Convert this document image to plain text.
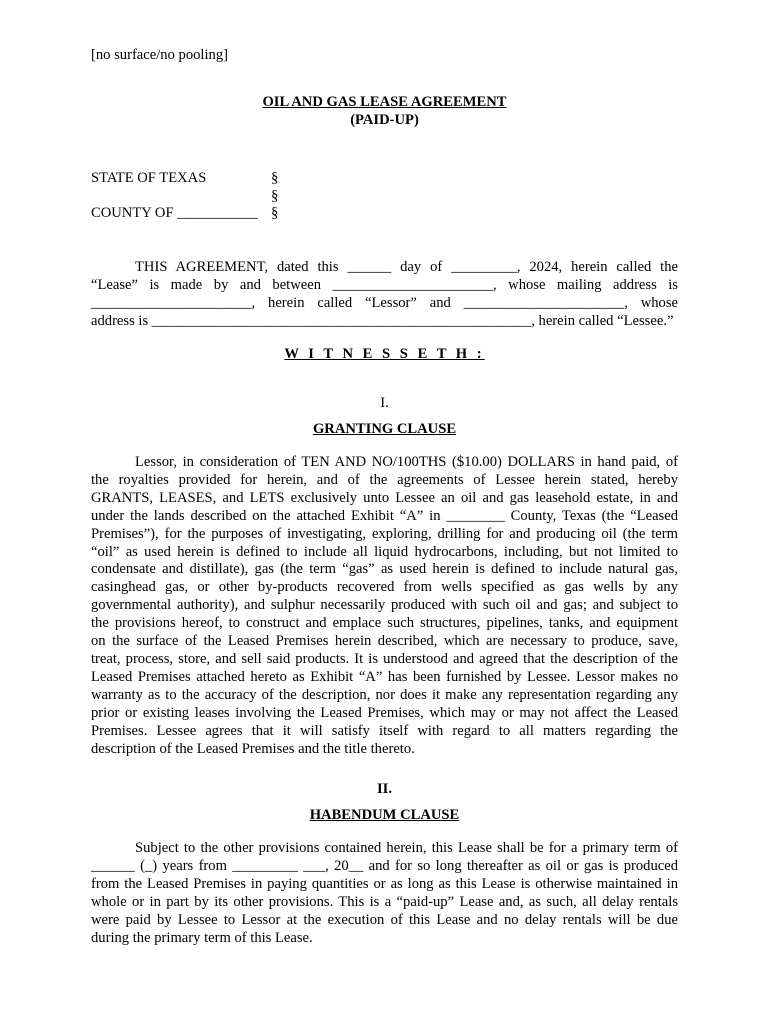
[no surface/no pooling]
OIL AND GAS LEASE AGREEMENT
(PAID-UP)
STATE OF TEXAS	§
§
COUNTY OF ___________ §
THIS AGREEMENT, dated this ______ day of _________, 2024, herein called the
“Lease” is made by and between ______________________, whose mailing address is
______________________, herein called “Lessor” and ______________________, whose
address is ____________________________________________________, herein called “Lessee.”
W I T N E S S E T H :
I.
GRANTING CLAUSE
Lessor, in consideration of TEN AND NO/100THS ($10.00) DOLLARS in hand paid, of
the royalties provided for herein, and of the agreements of Lessee herein stated, hereby
GRANTS, LEASES, and LETS exclusively unto Lessee an oil and gas leasehold estate, in and
under the lands described on the attached Exhibit “A” in ________ County, Texas (the “Leased
Premises”), for the purposes of investigating, exploring, drilling for and producing oil (the term
“oil” as used herein is defined to include all liquid hydrocarbons, including, but not limited to
condensate and distillate), gas (the term “gas” as used herein is defined to include natural gas,
casinghead gas, or other by-products recovered from wells specified as gas wells by any
governmental authority), and sulphur necessarily produced with such oil and gas; and subject to
the provisions hereof, to construct and emplace such structures, pipelines, tanks, and equipment
on the surface of the Leased Premises herein described, which are necessary to produce, save,
treat, process, store, and sell said products. It is understood and agreed that the description of the
Leased Premises attached hereto as Exhibit “A” has been furnished by Lessee. Lessor makes no
warranty as to the accuracy of the description, nor does it make any representation regarding any
prior or existing leases involving the Leased Premises, which may or may not affect the Leased
Premises. Lessee agrees that it will satisfy itself with regard to all matters regarding the
description of the Leased Premises and the title thereto.
II.
HABENDUM CLAUSE
Subject to the other provisions contained herein, this Lease shall be for a primary term of
______ (_) years from _________ ___, 20__ and for so long thereafter as oil or gas is produced
from the Leased Premises in paying quantities or as long as this Lease is otherwise maintained in
whole or in part by its other provisions. This is a “paid-up” Lease and, as such, all delay rentals
were paid by Lessee to Lessor at the execution of this Lease and no delay rentals will be due
during the primary term of this Lease.
